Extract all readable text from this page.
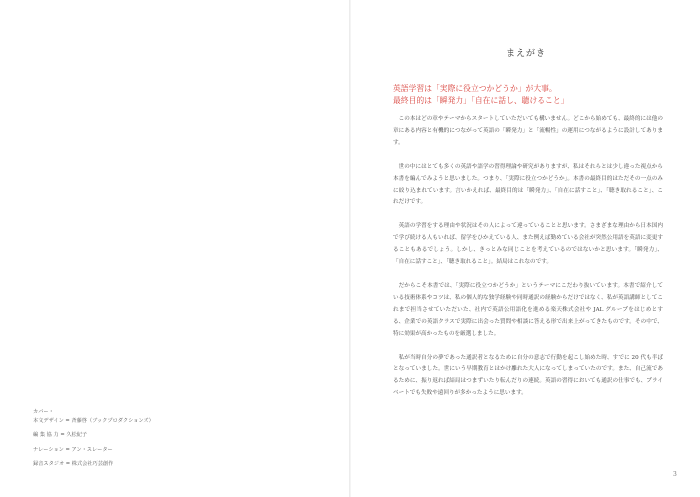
カバー・
本文デザイン = 斉藤啓（ブックプロダクションズ）
編 集 協 力 = 久松紀子
ナレーション = アン・スレーター
録音スタジオ = 株式会社巧芸創作
まえがき
英語学習は「実際に役立つかどうか」が大事。
最終目的は「瞬発力」「自在に話し、聴けること」

この本はどの章やテーマからスタートしていただいても構いません。どこから始めても、最終的には他の章にある内容と有機的につながって英語の「瞬発力」と「流暢性」の運用につながるように設計してあります。

世の中にはとても多くの英語や語学の習得理論や研究がありますが、私はそれらとは少し違った視点から本書を編んでみようと思いました。つまり、「実際に役立つかどうか」。本書の最終目的はただその一点のみに絞り込まれています。言いかえれば、最終目的は「瞬発力」、「自在に話すこと」、「聴き取れること」、これだけです。

英語の学習をする理由や状況はその人によって違っていることと思います。さまざまな理由から日本国内で学び続ける人もいれば、留学をひかえている人、また例えば勤めている会社が突然公用語を英語に変更することもあるでしょう。しかし、きっとみな同じことを考えているのではないかと思います。「瞬発力」、「自在に話すこと」、「聴き取れること」。結局はこれなのです。

だからこそ本書では、「実際に役立つかどうか」というテーマにこだわり抜いています。本書で紹介している技術体系やコツは、私の個人的な独学経験や同時通訳の経験からだけではなく、私が英語講師としてこれまで担当させていただいた、社内で英語公用語化を進める楽天株式会社や JAL グループをはじめとする、企業での英語クラスで実際に出会った質問や相談に答える形で出来上がってきたものです。その中で、特に効果が高かったものを厳選しました。

私が当時自分の夢であった通訳者となるために自分の意志で行動を起こし始めた時、すでに 20 代も半ばとなっていました。世にいう早期教育とはかけ離れた大人になってしまっていたのです。また、自己流であるために、振り返れば結局はつまずいたり転んだりの連続。英語の習得においても通訳の仕事でも、プライベートでも失敗や遠回りが多かったように思います。

3
